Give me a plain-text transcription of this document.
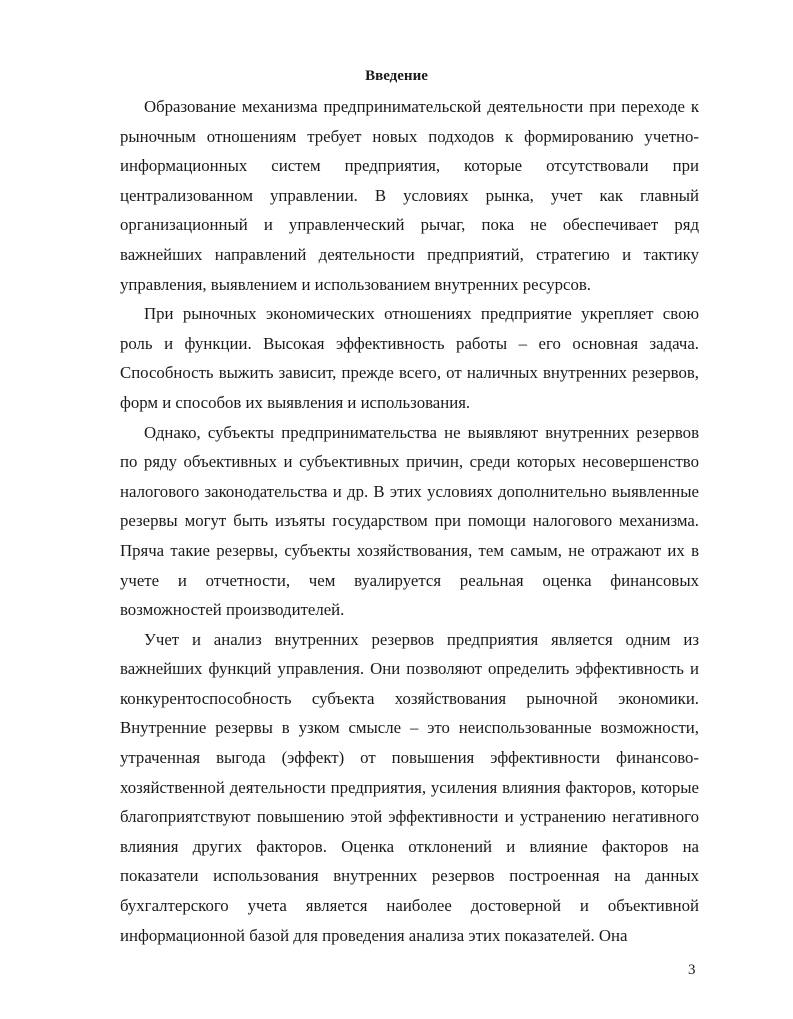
Введение

Образование механизма предпринимательской деятельности при переходе к рыночным отношениям требует новых подходов к формированию учетно-информационных систем предприятия, которые отсутствовали при централизованном управлении. В условиях рынка, учет как главный организационный и управленческий рычаг, пока не обеспечивает ряд важнейших направлений деятельности предприятий, стратегию и тактику управления, выявлением и использованием внутренних ресурсов.

При рыночных экономических отношениях предприятие укрепляет свою роль и функции. Высокая эффективность работы – его основная задача. Способность выжить зависит, прежде всего, от наличных внутренних резервов, форм и способов их выявления и использования.

Однако, субъекты предпринимательства не выявляют внутренних резервов по ряду объективных и субъективных причин, среди которых несовершенство налогового законодательства и др. В этих условиях дополнительно выявленные резервы могут быть изъяты государством при помощи налогового механизма. Пряча такие резервы, субъекты хозяйствования, тем самым, не отражают их в учете и отчетности, чем вуалируется реальная оценка финансовых возможностей производителей.

Учет и анализ внутренних резервов предприятия является одним из важнейших функций управления. Они позволяют определить эффективность и конкурентоспособность субъекта хозяйствования рыночной экономики. Внутренние резервы в узком смысле – это неиспользованные возможности, утраченная выгода (эффект) от повышения эффективности финансово-хозяйственной деятельности предприятия, усиления влияния факторов, которые благоприятствуют повышению этой эффективности и устранению негативного влияния других факторов. Оценка отклонений и влияние факторов на показатели использования внутренних резервов построенная на данных бухгалтерского учета является наиболее достоверной и объективной информационной базой для проведения анализа этих показателей. Она

3
